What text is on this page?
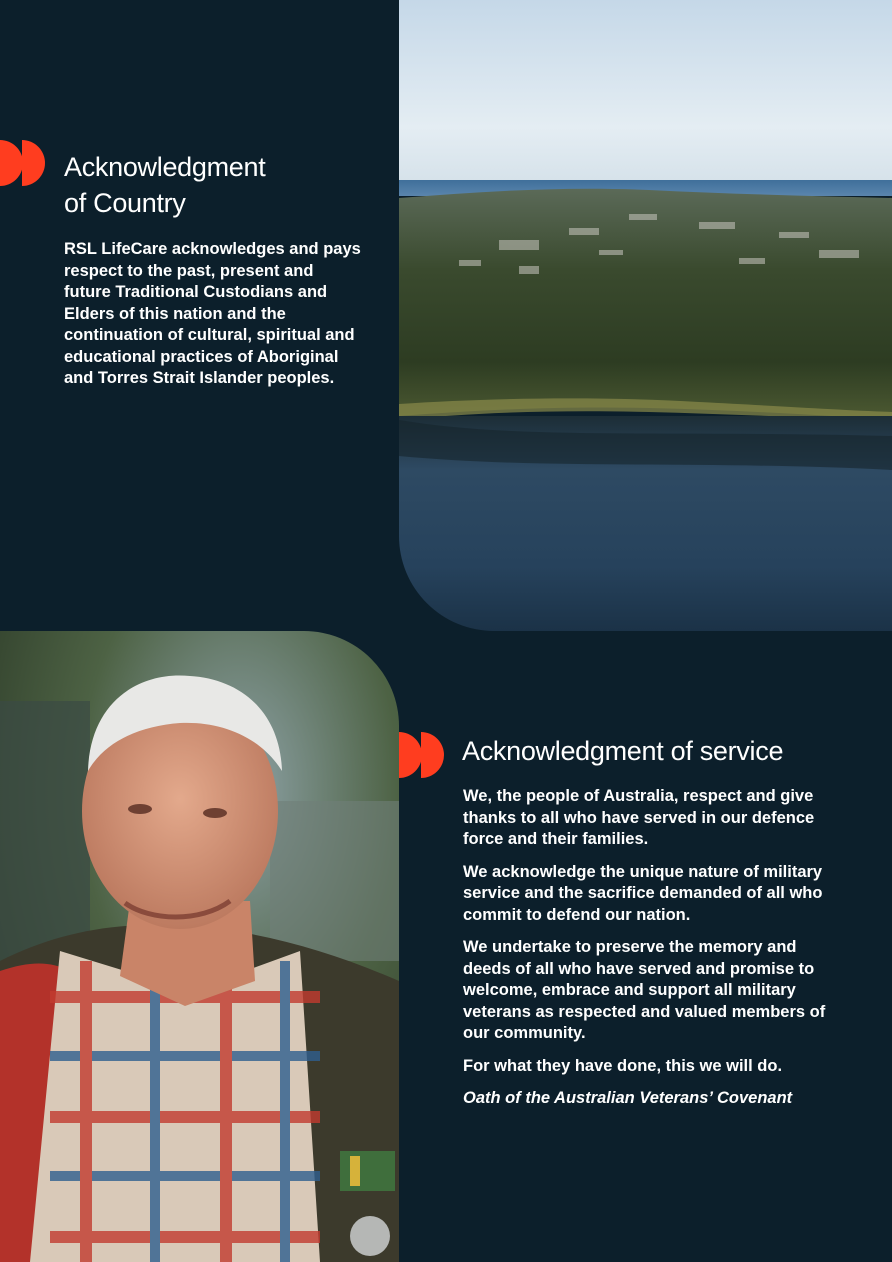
Acknowledgment
of Country

RSL LifeCare acknowledges and pays respect to the past, present and future Traditional Custodians and Elders of this nation and the continuation of cultural, spiritual and educational practices of Aboriginal and Torres Strait Islander peoples.

Acknowledgment of service

We, the people of Australia, respect and give thanks to all who have served in our defence force and their families.

We acknowledge the unique nature of military service and the sacrifice demanded of all who commit to defend our nation.

We undertake to preserve the memory and deeds of all who have served and promise to welcome, embrace and support all military veterans as respected and valued members of our community.

For what they have done, this we will do.

Oath of the Australian Veterans’ Covenant
